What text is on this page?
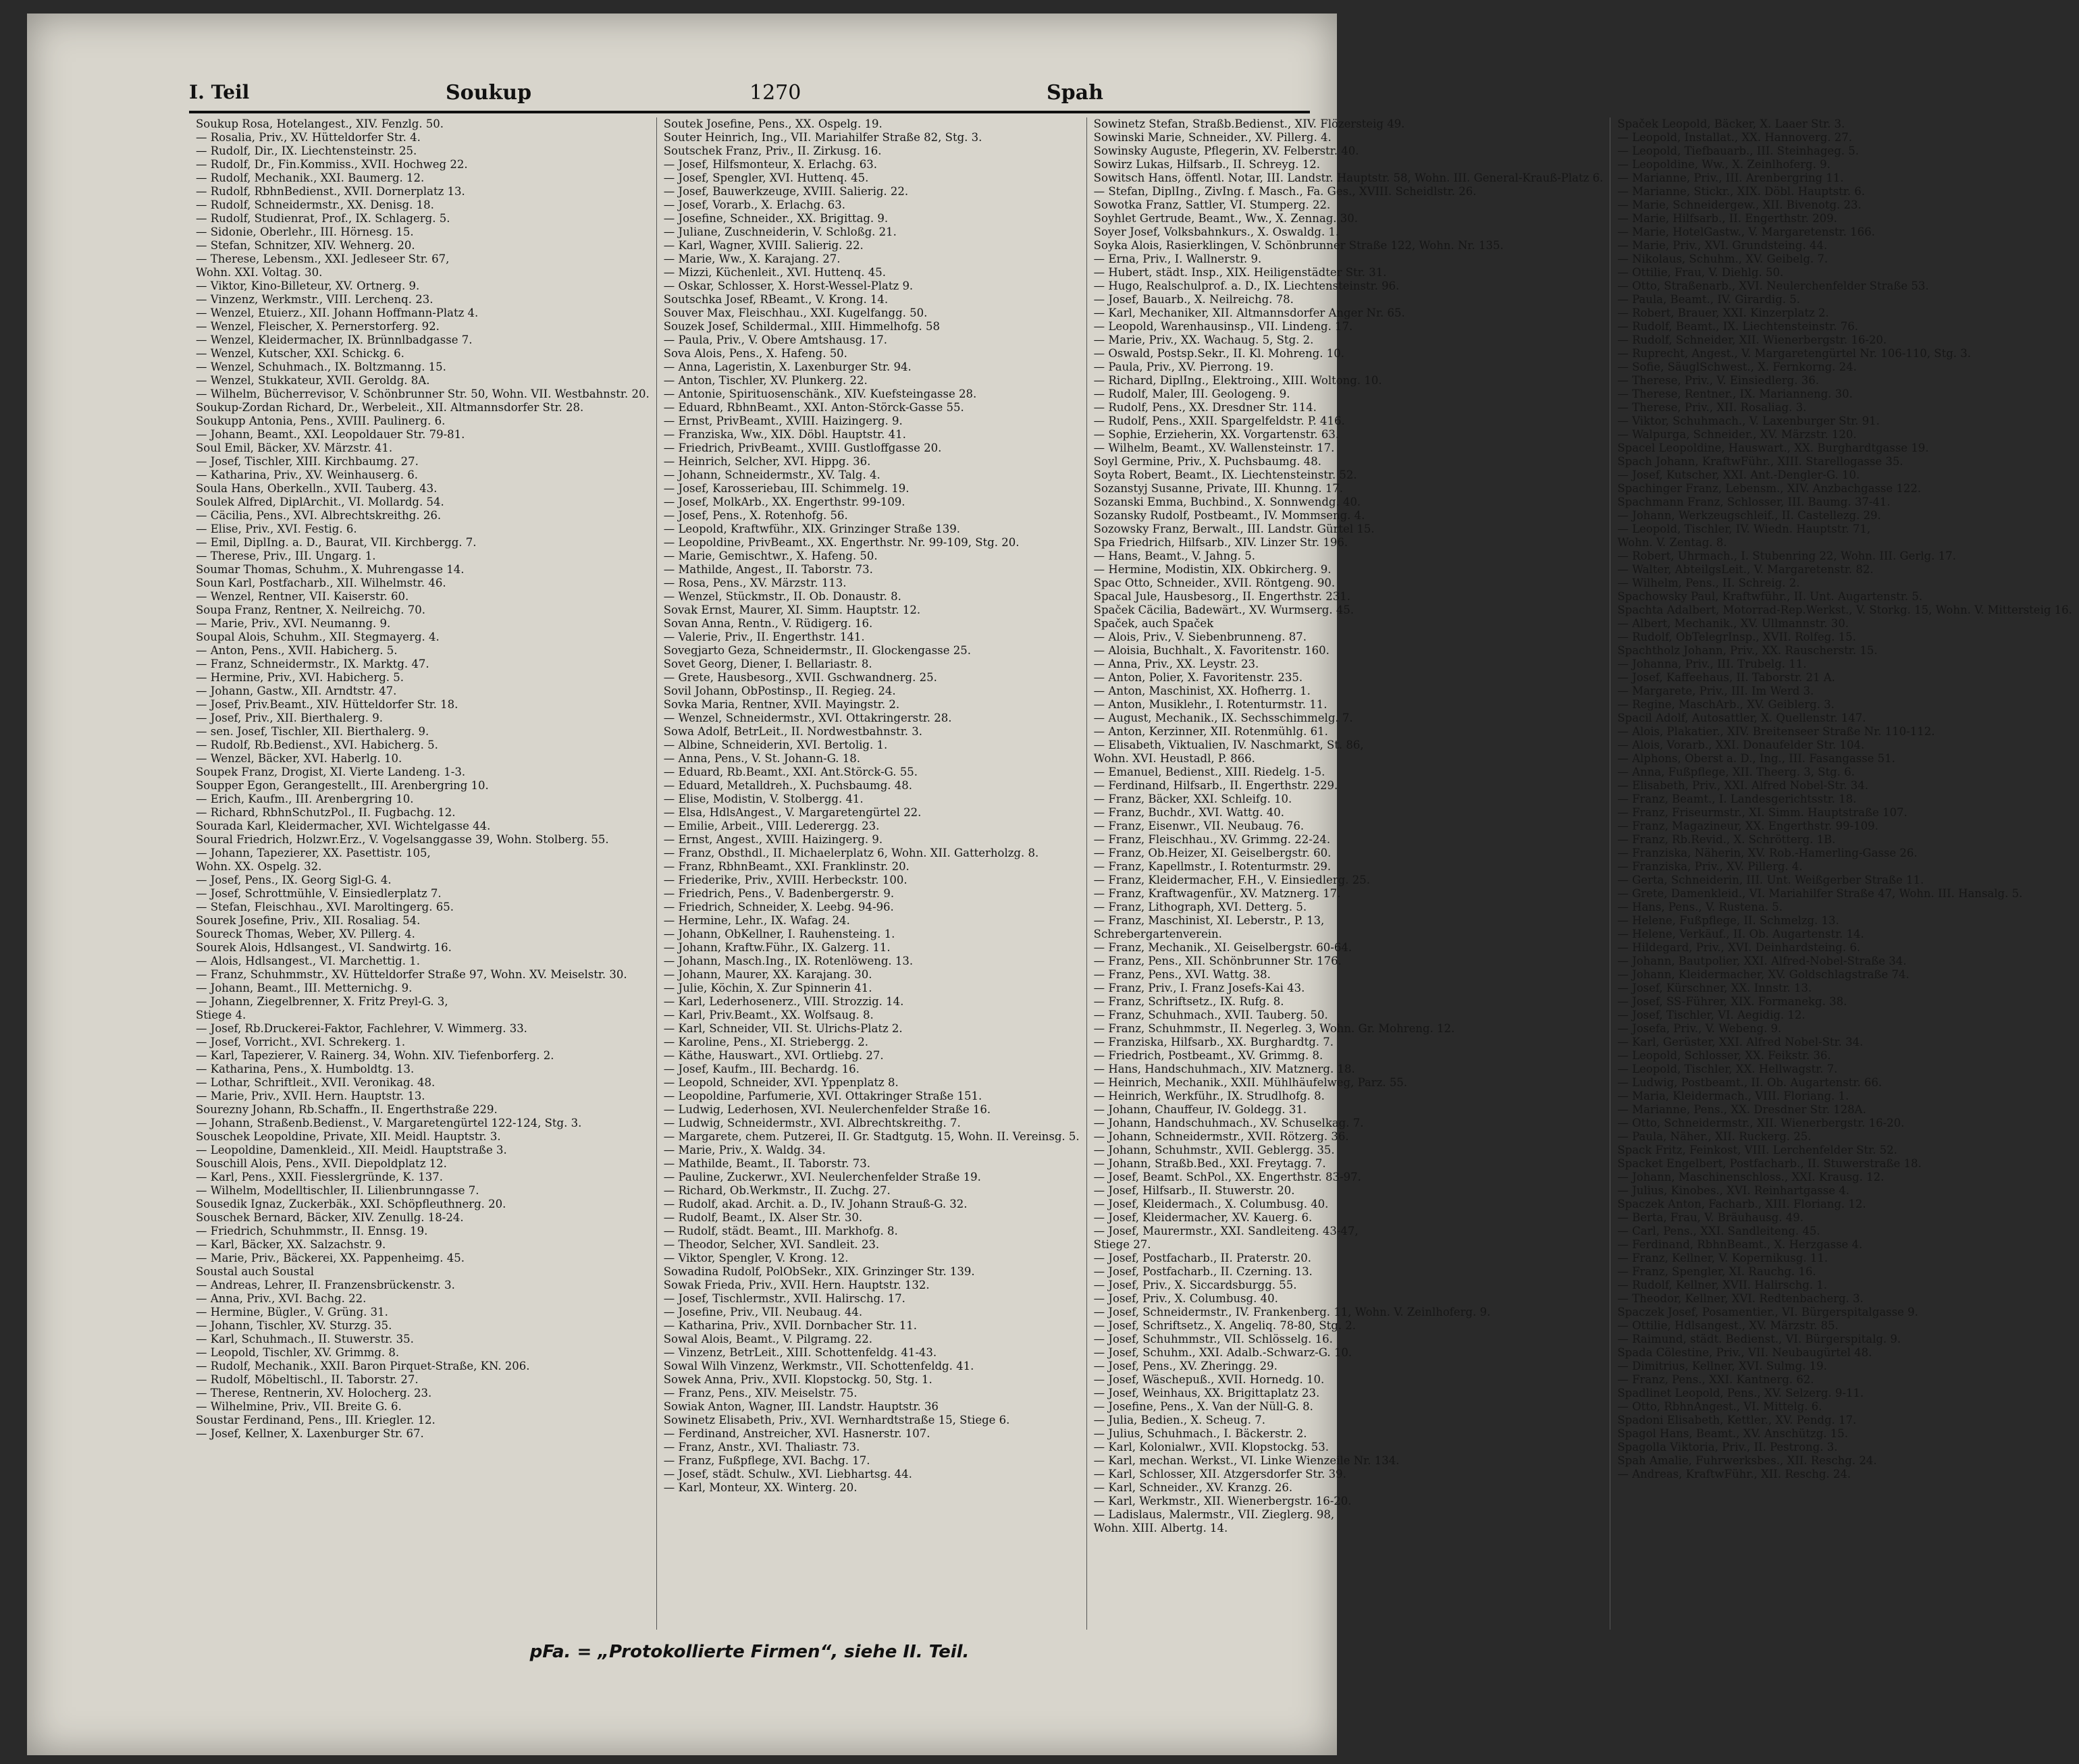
I. Teil	Soukup	1270	Spah
Soukup Rosa, Hotelangest., XIV. Fenzlg. 50.
— Rosalia, Priv., XV. Hütteldorfer Str. 4.
— Rudolf, Dir., IX. Liechtensteinstr. 25.
— Rudolf, Dr., Fin.Kommiss., XVII. Hochweg 22.
— Rudolf, Mechanik., XXI. Baumerg. 12.
— Rudolf, RbhnBedienst., XVII. Dornerplatz 13.
— Rudolf, Schneidermstr., XX. Denisg. 18.
— Rudolf, Studienrat, Prof., IX. Schlagerg. 5.
— Sidonie, Oberlehr., III. Hörnesg. 15.
— Stefan, Schnitzer, XIV. Wehnerg. 20.
— Therese, Lebensm., XXI. Jedleseer Str. 67,
Wohn. XXI. Voltag. 30.
— Viktor, Kino-Billeteur, XV. Ortnerg. 9.
— Vinzenz, Werkmstr., VIII. Lerchenq. 23.
— Wenzel, Etuierz., XII. Johann Hoffmann-Platz 4.
— Wenzel, Fleischer, X. Pernerstorferg. 92.
— Wenzel, Kleidermacher, IX. Brünnlbadgasse 7.
— Wenzel, Kutscher, XXI. Schickg. 6.
— Wenzel, Schuhmach., IX. Boltzmanng. 15.
— Wenzel, Stukkateur, XVII. Geroldg. 8A.
— Wilhelm, Bücherrevisor, V. Schönbrunner Str. 50, Wohn. VII. Westbahnstr. 20.
Soukup-Zordan Richard, Dr., Werbeleit., XII. Altmannsdorfer Str. 28.
Soukupp Antonia, Pens., XVIII. Paulinerg. 6.
— Johann, Beamt., XXI. Leopoldauer Str. 79-81.
Soul Emil, Bäcker, XV. Märzstr. 41.
— Josef, Tischler, XIII. Kirchbaumg. 27.
— Katharina, Priv., XV. Weinhauserg. 6.
Soula Hans, Oberkelln., XVII. Tauberg. 43.
Soulek Alfred, DiplArchit., VI. Mollardg. 54.
— Cäcilia, Pens., XVI. Albrechtskreithg. 26.
— Elise, Priv., XVI. Festig. 6.
— Emil, DiplIng. a. D., Baurat, VII. Kirchbergg. 7.
— Therese, Priv., III. Ungarg. 1.
Soumar Thomas, Schuhm., X. Muhrengasse 14.
Soun Karl, Postfacharb., XII. Wilhelmstr. 46.
— Wenzel, Rentner, VII. Kaiserstr. 60.
Soupa Franz, Rentner, X. Neilreichg. 70.
— Marie, Priv., XVI. Neumanng. 9.
Soupal Alois, Schuhm., XII. Stegmayerg. 4.
— Anton, Pens., XVII. Habicherg. 5.
— Franz, Schneidermstr., IX. Marktg. 47.
— Hermine, Priv., XVI. Habicherg. 5.
— Johann, Gastw., XII. Arndtstr. 47.
— Josef, Priv.Beamt., XIV. Hütteldorfer Str. 18.
— Josef, Priv., XII. Bierthalerg. 9.
— sen. Josef, Tischler, XII. Bierthalerg. 9.
— Rudolf, Rb.Bedienst., XVI. Habicherg. 5.
— Wenzel, Bäcker, XVI. Haberlg. 10.
Soupek Franz, Drogist, XI. Vierte Landeng. 1-3.
Soupper Egon, Gerangestellt., III. Arenbergring 10.
— Erich, Kaufm., III. Arenbergring 10.
— Richard, RbhnSchutzPol., II. Fugbachg. 12.
Sourada Karl, Kleidermacher, XVI. Wichtelgasse 44.
Soural Friedrich, Holzwr.Erz., V. Vogelsanggasse 39, Wohn. Stolberg. 55.
— Johann, Tapezierer, XX. Pasettistr. 105,
Wohn. XX. Ospelg. 32.
— Josef, Pens., IX. Georg Sigl-G. 4.
— Josef, Schrottmühle, V. Einsiedlerplatz 7.
— Stefan, Fleischhau., XVI. Maroltingerg. 65.
Sourek Josefine, Priv., XII. Rosaliag. 54.
Soureck Thomas, Weber, XV. Pillerg. 4.
Sourek Alois, Hdlsangest., VI. Sandwirtg. 16.
— Alois, Hdlsangest., VI. Marchettig. 1.
— Franz, Schuhmmstr., XV. Hütteldorfer Straße 97, Wohn. XV. Meiselstr. 30.
— Johann, Beamt., III. Metternichg. 9.
— Johann, Ziegelbrenner, X. Fritz Preyl-G. 3,
Stiege 4.
— Josef, Rb.Druckerei-Faktor, Fachlehrer, V. Wimmerg. 33.
— Josef, Vorricht., XVI. Schrekerg. 1.
— Karl, Tapezierer, V. Rainerg. 34, Wohn. XIV. Tiefenborferg. 2.
— Katharina, Pens., X. Humboldtg. 13.
— Lothar, Schriftleit., XVII. Veronikag. 48.
— Marie, Priv., XVII. Hern. Hauptstr. 13.
Sourezny Johann, Rb.Schaffn., II. Engerthstraße 229.
— Johann, Straßenb.Bedienst., V. Margaretengürtel 122-124, Stg. 3.
Souschek Leopoldine, Private, XII. Meidl. Hauptstr. 3.
— Leopoldine, Damenkleid., XII. Meidl. Hauptstraße 3.
Souschill Alois, Pens., XVII. Diepoldplatz 12.
— Karl, Pens., XXII. Fiesslergründe, K. 137.
— Wilhelm, Modelltischler, II. Lilienbrunngasse 7.
Sousedik Ignaz, Zuckerbäk., XXI. Schöpfleuthnerg. 20.
Souschek Bernard, Bäcker, XIV. Zenullg. 18-24.
— Friedrich, Schuhmmstr., II. Ennsg. 19.
— Karl, Bäcker, XX. Salzachstr. 9.
— Marie, Priv., Bäckerei, XX. Pappenheimg. 45.
Soustal auch Soustal
— Andreas, Lehrer, II. Franzensbrückenstr. 3.
— Anna, Priv., XVI. Bachg. 22.
— Hermine, Bügler., V. Grüng. 31.
— Johann, Tischler, XV. Sturzg. 35.
— Karl, Schuhmach., II. Stuwerstr. 35.
— Leopold, Tischler, XV. Grimmg. 8.
— Rudolf, Mechanik., XXII. Baron Pirquet-Straße, KN. 206.
— Rudolf, Möbeltischl., II. Taborstr. 27.
— Therese, Rentnerin, XV. Holocherg. 23.
— Wilhelmine, Priv., VII. Breite G. 6.
Soustar Ferdinand, Pens., III. Kriegler. 12.
— Josef, Kellner, X. Laxenburger Str. 67.
Soutek Josefine, Pens., XX. Ospelg. 19.
Souter Heinrich, Ing., VII. Mariahilfer Straße 82, Stg. 3.
Soutschek Franz, Priv., II. Zirkusg. 16.
— Josef, Hilfsmonteur, X. Erlachg. 63.
— Josef, Spengler, XVI. Huttenq. 45.
— Josef, Bauwerkzeuge, XVIII. Salierig. 22.
— Josef, Vorarb., X. Erlachg. 63.
— Josefine, Schneider., XX. Brigittag. 9.
— Juliane, Zuschneiderin, V. Schloßg. 21.
— Karl, Wagner, XVIII. Salierig. 22.
— Marie, Ww., X. Karajang. 27.
— Mizzi, Küchenleit., XVI. Huttenq. 45.
— Oskar, Schlosser, X. Horst-Wessel-Platz 9.
Soutschka Josef, RBeamt., V. Krong. 14.
Souver Max, Fleischhau., XXI. Kugelfangg. 50.
Souzek Josef, Schildermal., XIII. Himmelhofg. 58
— Paula, Priv., V. Obere Amtshausg. 17.
Sova Alois, Pens., X. Hafeng. 50.
— Anna, Lageristin, X. Laxenburger Str. 94.
— Anton, Tischler, XV. Plunkerg. 22.
— Antonie, Spirituosenschänk., XIV. Kuefsteingasse 28.
— Eduard, RbhnBeamt., XXI. Anton-Störck-Gasse 55.
— Ernst, PrivBeamt., XVIII. Haizingerg. 9.
— Franziska, Ww., XIX. Döbl. Hauptstr. 41.
— Friedrich, PrivBeamt., XVIII. Gustloffgasse 20.
— Heinrich, Selcher, XVI. Hippg. 36.
— Johann, Schneidermstr., XV. Talg. 4.
— Josef, Karosseriebau, III. Schimmelg. 19.
— Josef, MolkArb., XX. Engerthstr. 99-109.
— Josef, Pens., X. Rotenhofg. 56.
— Leopold, Kraftwführ., XIX. Grinzinger Straße 139.
— Leopoldine, PrivBeamt., XX. Engerthstr. Nr. 99-109, Stg. 20.
— Marie, Gemischtwr., X. Hafeng. 50.
— Mathilde, Angest., II. Taborstr. 73.
— Rosa, Pens., XV. Märzstr. 113.
— Wenzel, Stückmstr., II. Ob. Donaustr. 8.
Sovak Ernst, Maurer, XI. Simm. Hauptstr. 12.
Sovan Anna, Rentn., V. Rüdigerg. 16.
— Valerie, Priv., II. Engerthstr. 141.
Sovegjarto Geza, Schneidermstr., II. Glockengasse 25.
Sovet Georg, Diener, I. Bellariastr. 8.
— Grete, Hausbesorg., XVII. Gschwandnerg. 25.
Sovil Johann, ObPostinsp., II. Regieg. 24.
Sovka Maria, Rentner, XVII. Mayingstr. 2.
— Wenzel, Schneidermstr., XVI. Ottakringerstr. 28.
Sowa Adolf, BetrLeit., II. Nordwestbahnstr. 3.
— Albine, Schneiderin, XVI. Bertolig. 1.
— Anna, Pens., V. St. Johann-G. 18.
— Eduard, Rb.Beamt., XXI. Ant.Störck-G. 55.
— Eduard, Metalldreh., X. Puchsbaumg. 48.
— Elise, Modistin, V. Stolbergg. 41.
— Elsa, HdlsAngest., V. Margaretengürtel 22.
— Emilie, Arbeit., VIII. Lederergg. 23.
— Ernst, Angest., XVIII. Haizingerg. 9.
— Franz, Obsthdl., II. Michaelerplatz 6, Wohn. XII. Gatterholzg. 8.
— Franz, RbhnBeamt., XXI. Franklinstr. 20.
— Friederike, Priv., XVIII. Herbeckstr. 100.
— Friedrich, Pens., V. Badenbergerstr. 9.
— Friedrich, Schneider, X. Leebg. 94-96.
— Hermine, Lehr., IX. Wafag. 24.
— Johann, ObKellner, I. Rauhensteing. 1.
— Johann, Kraftw.Führ., IX. Galzerg. 11.
— Johann, Masch.Ing., IX. Rotenlöweng. 13.
— Johann, Maurer, XX. Karajang. 30.
— Julie, Köchin, X. Zur Spinnerin 41.
— Karl, Lederhosenerz., VIII. Strozzig. 14.
— Karl, Priv.Beamt., XX. Wolfsaug. 8.
— Karl, Schneider, VII. St. Ulrichs-Platz 2.
— Karoline, Pens., XI. Striebergg. 2.
— Käthe, Hauswart., XVI. Ortliebg. 27.
— Josef, Kaufm., III. Bechardg. 16.
— Leopold, Schneider, XVI. Yppenplatz 8.
— Leopoldine, Parfumerie, XVI. Ottakringer Straße 151.
— Ludwig, Lederhosen, XVI. Neulerchenfelder Straße 16.
— Ludwig, Schneidermstr., XVI. Albrechtskreithg. 7.
— Margarete, chem. Putzerei, II. Gr. Stadtgutg. 15, Wohn. II. Vereinsg. 5.
— Marie, Priv., X. Waldg. 34.
— Mathilde, Beamt., II. Taborstr. 73.
— Pauline, Zuckerwr., XVI. Neulerchenfelder Straße 19.
— Richard, Ob.Werkmstr., II. Zuchg. 27.
— Rudolf, akad. Archit. a. D., IV. Johann Strauß-G. 32.
— Rudolf, Beamt., IX. Alser Str. 30.
— Rudolf, städt. Beamt., III. Markhofg. 8.
— Theodor, Selcher, XVI. Sandleit. 23.
— Viktor, Spengler, V. Krong. 12.
Sowadina Rudolf, PolObSekr., XIX. Grinzinger Str. 139.
Sowak Frieda, Priv., XVII. Hern. Hauptstr. 132.
— Josef, Tischlermstr., XVII. Halirschg. 17.
— Josefine, Priv., VII. Neubaug. 44.
— Katharina, Priv., XVII. Dornbacher Str. 11.
Sowal Alois, Beamt., V. Pilgramg. 22.
— Vinzenz, BetrLeit., XIII. Schottenfeldg. 41-43.
Sowal Wilh Vinzenz, Werkmstr., VII. Schottenfeldg. 41.
Sowek Anna, Priv., XVII. Klopstockg. 50, Stg. 1.
— Franz, Pens., XIV. Meiselstr. 75.
Sowiak Anton, Wagner, III. Landstr. Hauptstr. 36
Sowinetz Elisabeth, Priv., XVI. Wernhardtstraße 15, Stiege 6.
— Ferdinand, Anstreicher, XVI. Hasnerstr. 107.
— Franz, Anstr., XVI. Thaliastr. 73.
— Franz, Fußpflege, XVI. Bachg. 17.
— Josef, städt. Schulw., XVI. Liebhartsg. 44.
— Karl, Monteur, XX. Winterg. 20.
Sowinetz Stefan, Straßb.Bedienst., XIV. Flözersteig 49.
Sowinski Marie, Schneider., XV. Pillerg. 4.
Sowinsky Auguste, Pflegerin, XV. Felberstr. 40.
Sowirz Lukas, Hilfsarb., II. Schreyg. 12.
Sowitsch Hans, öffentl. Notar, III. Landstr. Hauptstr. 58, Wohn. III. General-Krauß-Platz 6.
— Stefan, DiplIng., ZivIng. f. Masch., Fa. Ges., XVIII. Scheidlstr. 26.
Sowotka Franz, Sattler, VI. Stumperg. 22.
Soyhlet Gertrude, Beamt., Ww., X. Zennag. 30.
Soyer Josef, Volksbahnkurs., X. Oswaldg. 1.
Soyka Alois, Rasierklingen, V. Schönbrunner Straße 122, Wohn. Nr. 135.
— Erna, Priv., I. Wallnerstr. 9.
— Hubert, städt. Insp., XIX. Heiligenstädter Str. 31.
— Hugo, Realschulprof. a. D., IX. Liechtensteinstr. 96.
— Josef, Bauarb., X. Neilreichg. 78.
— Karl, Mechaniker, XII. Altmannsdorfer Anger Nr. 65.
— Leopold, Warenhausinsp., VII. Lindeng. 17.
— Marie, Priv., XX. Wachaug. 5, Stg. 2.
— Oswald, Postsp.Sekr., II. Kl. Mohreng. 10.
— Paula, Priv., XV. Pierrong. 19.
— Richard, DiplIng., Elektroing., XIII. Woltong. 10.
— Rudolf, Maler, III. Geologeng. 9.
— Rudolf, Pens., XX. Dresdner Str. 114.
— Rudolf, Pens., XXII. Spargelfeldstr. P. 416.
— Sophie, Erzieherin, XX. Vorgartenstr. 63.
— Wilhelm, Beamt., XV. Wallensteinstr. 17.
Soyl Germine, Priv., X. Puchsbaumg. 48.
Soyta Robert, Beamt., IX. Liechtensteinstr. 52.
Sozanstyj Susanne, Private, III. Khunng. 17.
Sozanski Emma, Buchbind., X. Sonnwendg. 40.
Sozansky Rudolf, Postbeamt., IV. Mommseng. 4.
Sozowsky Franz, Berwalt., III. Landstr. Gürtel 15.
Spa Friedrich, Hilfsarb., XIV. Linzer Str. 196.
— Hans, Beamt., V. Jahng. 5.
— Hermine, Modistin, XIX. Obkircherg. 9.
Spac Otto, Schneider., XVII. Röntgeng. 90.
Spacal Jule, Hausbesorg., II. Engerthstr. 231.
Spaček Cäcilia, Badewärt., XV. Wurmserg. 45.
Spaček, auch Spaček
— Alois, Priv., V. Siebenbrunneng. 87.
— Aloisia, Buchhalt., X. Favoritenstr. 160.
— Anna, Priv., XX. Leystr. 23.
— Anton, Polier, X. Favoritenstr. 235.
— Anton, Maschinist, XX. Hofherrg. 1.
— Anton, Musiklehr., I. Rotenturmstr. 11.
— August, Mechanik., IX. Sechsschimmelg. 7.
— Anton, Kerzinner, XII. Rotenmühlg. 61.
— Elisabeth, Viktualien, IV. Naschmarkt, St. 86,
Wohn. XVI. Heustadl, P. 866.
— Emanuel, Bedienst., XIII. Riedelg. 1-5.
— Ferdinand, Hilfsarb., II. Engerthstr. 229.
— Franz, Bäcker, XXI. Schleifg. 10.
— Franz, Buchdr., XVI. Wattg. 40.
— Franz, Eisenwr., VII. Neubaug. 76.
— Franz, Fleischhau., XV. Grimmg. 22-24.
— Franz, Ob.Heizer, XI. Geiselbergstr. 60.
— Franz, Kapellmstr., I. Rotenturmstr. 29.
— Franz, Kleidermacher, F.H., V. Einsiedlerg. 25.
— Franz, Kraftwagenfür., XV. Matznerg. 17.
— Franz, Lithograph, XVI. Detterg. 5.
— Franz, Maschinist, XI. Leberstr., P. 13,
Schrebergartenverein.
— Franz, Mechanik., XI. Geiselbergstr. 60-64.
— Franz, Pens., XII. Schönbrunner Str. 176.
— Franz, Pens., XVI. Wattg. 38.
— Franz, Priv., I. Franz Josefs-Kai 43.
— Franz, Schriftsetz., IX. Rufg. 8.
— Franz, Schuhmach., XVII. Tauberg. 50.
— Franz, Schuhmmstr., II. Negerleg. 3, Wohn. Gr. Mohreng. 12.
— Franziska, Hilfsarb., XX. Burghardtg. 7.
— Friedrich, Postbeamt., XV. Grimmg. 8.
— Hans, Handschuhmach., XIV. Matznerg. 18.
— Heinrich, Mechanik., XXII. Mühlhäufelweg, Parz. 55.
— Heinrich, Werkführ., IX. Strudlhofg. 8.
— Johann, Chauffeur, IV. Goldegg. 31.
— Johann, Handschuhmach., XV. Schuselkag. 7.
— Johann, Schneidermstr., XVII. Rötzerg. 36.
— Johann, Schuhmstr., XVII. Geblergg. 35.
— Johann, Straßb.Bed., XXI. Freytagg. 7.
— Josef, Beamt. SchPol., XX. Engerthstr. 83-97.
— Josef, Hilfsarb., II. Stuwerstr. 20.
— Josef, Kleidermach., X. Columbusg. 40.
— Josef, Kleidermacher, XV. Kauerg. 6.
— Josef, Maurermstr., XXI. Sandleiteng. 43-47,
Stiege 27.
— Josef, Postfacharb., II. Praterstr. 20.
— Josef, Postfacharb., II. Czerning. 13.
— Josef, Priv., X. Siccardsburgg. 55.
— Josef, Priv., X. Columbusg. 40.
— Josef, Schneidermstr., IV. Frankenberg. 11, Wohn. V. Zeinlhoferg. 9.
— Josef, Schriftsetz., X. Angeliq. 78-80, Stg. 2.
— Josef, Schuhmmstr., VII. Schlösselg. 16.
— Josef, Schuhm., XXI. Adalb.-Schwarz-G. 10.
— Josef, Pens., XV. Zheringg. 29.
— Josef, Wäschepuß., XVII. Hornedg. 10.
— Josef, Weinhaus, XX. Brigittaplatz 23.
— Josefine, Pens., X. Van der Nüll-G. 8.
— Julia, Bedien., X. Scheug. 7.
— Julius, Schuhmach., I. Bäckerstr. 2.
— Karl, Kolonialwr., XVII. Klopstockg. 53.
— Karl, mechan. Werkst., VI. Linke Wienzeile Nr. 134.
— Karl, Schlosser, XII. Atzgersdorfer Str. 39.
— Karl, Schneider., XV. Kranzg. 26.
— Karl, Werkmstr., XII. Wienerbergstr. 16-20.
— Ladislaus, Malermstr., VII. Zieglerg. 98,
Wohn. XIII. Albertg. 14.
Spaček Leopold, Bäcker, X. Laaer Str. 3.
— Leopold, Installat., XX. Hannoverg. 27.
— Leopold, Tiefbauarb., III. Steinhageg. 5.
— Leopoldine, Ww., X. Zeinlhoferg. 9.
— Marianne, Priv., III. Arenbergring 11.
— Marianne, Stickr., XIX. Döbl. Hauptstr. 6.
— Marie, Schneidergew., XII. Bivenotg. 23.
— Marie, Hilfsarb., II. Engerthstr. 209.
— Marie, HotelGastw., V. Margaretenstr. 166.
— Marie, Priv., XVI. Grundsteing. 44.
— Nikolaus, Schuhm., XV. Geibelg. 7.
— Ottilie, Frau, V. Diehlg. 50.
— Otto, Straßenarb., XVI. Neulerchenfelder Straße 53.
— Paula, Beamt., IV. Girardig. 5.
— Robert, Brauer, XXI. Kinzerplatz 2.
— Rudolf, Beamt., IX. Liechtensteinstr. 76.
— Rudolf, Schneider, XII. Wienerbergstr. 16-20.
— Ruprecht, Angest., V. Margaretengürtel Nr. 106-110, Stg. 3.
— Sofie, SäuglSchwest., X. Fernkorng. 24.
— Therese, Priv., V. Einsiedlerg. 36.
— Therese, Rentner., IX. Marianneng. 30.
— Therese, Priv., XII. Rosaliag. 3.
— Viktor, Schuhmach., V. Laxenburger Str. 91.
— Walpurga, Schneider., XV. Märzstr. 120.
Spacel Leopoldine, Hauswart., XX. Burghardtgasse 19.
Spach Johann, KraftwFühr., XIII. Starellogasse 35.
— Josef, Kutscher, XXI. Ant.-Dengler-G. 10.
Spachinger Franz, Lebensm., XIV. Anzbachgasse 122.
Spachmann Franz, Schlosser, III. Baumg. 37-41.
— Johann, Werkzeugschleif., II. Castellezg. 29.
— Leopold, Tischler, IV. Wiedn. Hauptstr. 71,
Wohn. V. Zentag. 8.
— Robert, Uhrmach., I. Stubenring 22, Wohn. III. Gerlg. 17.
— Walter, AbteilgsLeit., V. Margaretenstr. 82.
— Wilhelm, Pens., II. Schreig. 2.
Spachowsky Paul, Kraftwführ., II. Unt. Augartenstr. 5.
Spachta Adalbert, Motorrad-Rep.Werkst., V. Storkg. 15, Wohn. V. Mittersteig 16.
— Albert, Mechanik., XV. Ullmannstr. 30.
— Rudolf, ObTelegrInsp., XVII. Rolfeg. 15.
Spachtholz Johann, Priv., XX. Rauscherstr. 15.
— Johanna, Priv., III. Trubelg. 11.
— Josef, Kaffeehaus, II. Taborstr. 21 A.
— Margarete, Priv., III. Im Werd 3.
— Regine, MaschArb., XV. Geiblerg. 3.
Spacil Adolf, Autosattler, X. Quellenstr. 147.
— Alois, Plakatier., XIV. Breitenseer Straße Nr. 110-112.
— Alois, Vorarb., XXI. Donaufelder Str. 104.
— Alphons, Oberst a. D., Ing., III. Fasangasse 51.
— Anna, Fußpflege, XII. Theerg. 3, Stg. 6.
— Elisabeth, Priv., XXI. Alfred Nobel-Str. 34.
— Franz, Beamt., I. Landesgerichtsstr. 18.
— Franz, Friseurmstr., XI. Simm. Hauptstraße 107.
— Franz, Magazineur, XX. Engerthstr. 99-109.
— Franz, Rb.Revid., X. Schrötterg. 1B.
— Franziska, Näherin, XV. Rob.-Hamerling-Gasse 26.
— Franziska, Priv., XV. Pillerg. 4.
— Gerta, Schneiderin, III. Unt. Weißgerber Straße 11.
— Grete, Damenkleid., VI. Mariahilfer Straße 47, Wohn. III. Hansalg. 5.
— Hans, Pens., V. Rustena. 5.
— Helene, Fußpflege, II. Schmelzg. 13.
— Helene, Verkäuf., II. Ob. Augartenstr. 14.
— Hildegard, Priv., XVI. Deinhardsteing. 6.
— Johann, Bautpolier, XXI. Alfred-Nobel-Straße 34.
— Johann, Kleidermacher, XV. Goldschlagstraße 74.
— Josef, Kürschner, XX. Innstr. 13.
— Josef, SS-Führer, XIX. Formanekg. 38.
— Josef, Tischler, VI. Aegidig. 12.
— Josefa, Priv., V. Webeng. 9.
— Karl, Gerüster, XXI. Alfred Nobel-Str. 34.
— Leopold, Schlosser, XX. Feikstr. 36.
— Leopold, Tischler, XX. Hellwagstr. 7.
— Ludwig, Postbeamt., II. Ob. Augartenstr. 66.
— Maria, Kleidermach., VIII. Floriang. 1.
— Marianne, Pens., XX. Dresdner Str. 128A.
— Otto, Schneidermstr., XII. Wienerbergstr. 16-20.
— Paula, Näher., XII. Ruckerg. 25.
Spack Fritz, Feinkost, VIII. Lerchenfelder Str. 52.
Spacket Engelbert, Postfacharb., II. Stuwerstraße 18.
— Johann, Maschinenschloss., XXI. Krausg. 12.
— Julius, Kinobes., XVI. Reinhartgasse 4.
Spaczek Anton, Facharb., XIII. Floriang. 12.
— Berta, Frau, V. Bräuhausg. 49.
— Carl, Pens., XXI. Sandleiteng. 45.
— Ferdinand, RbhnBeamt., X. Herzgasse 4.
— Franz, Kellner, V. Kopernikusg. 11.
— Franz, Spengler, XI. Rauchg. 16.
— Rudolf, Kellner, XVII. Halirschg. 1.
— Theodor, Kellner, XVI. Redtenbacherg. 3.
Spaczek Josef, Posamentier., VI. Bürgerspitalgasse 9.
— Ottilie, Hdlsangest., XV. Märzstr. 85.
— Raimund, städt. Bedienst., VI. Bürgerspitalg. 9.
Spada Cölestine, Priv., VII. Neubaugürtel 48.
— Dimitrius, Kellner, XVI. Sulmg. 19.
— Franz, Pens., XXI. Kantnerg. 62.
Spadlinet Leopold, Pens., XV. Selzerg. 9-11.
— Otto, RbhnAngest., VI. Mittelg. 6.
Spadoni Elisabeth, Kettler., XV. Pendg. 17.
Spagol Hans, Beamt., XV. Anschützg. 15.
Spagolla Viktoria, Priv., II. Pestrong. 3.
Spah Amalie, Fuhrwerksbes., XII. Reschg. 24.
— Andreas, KraftwFühr., XII. Reschg. 24.
pFa. = „Protokollierte Firmen“, siehe II. Teil.
